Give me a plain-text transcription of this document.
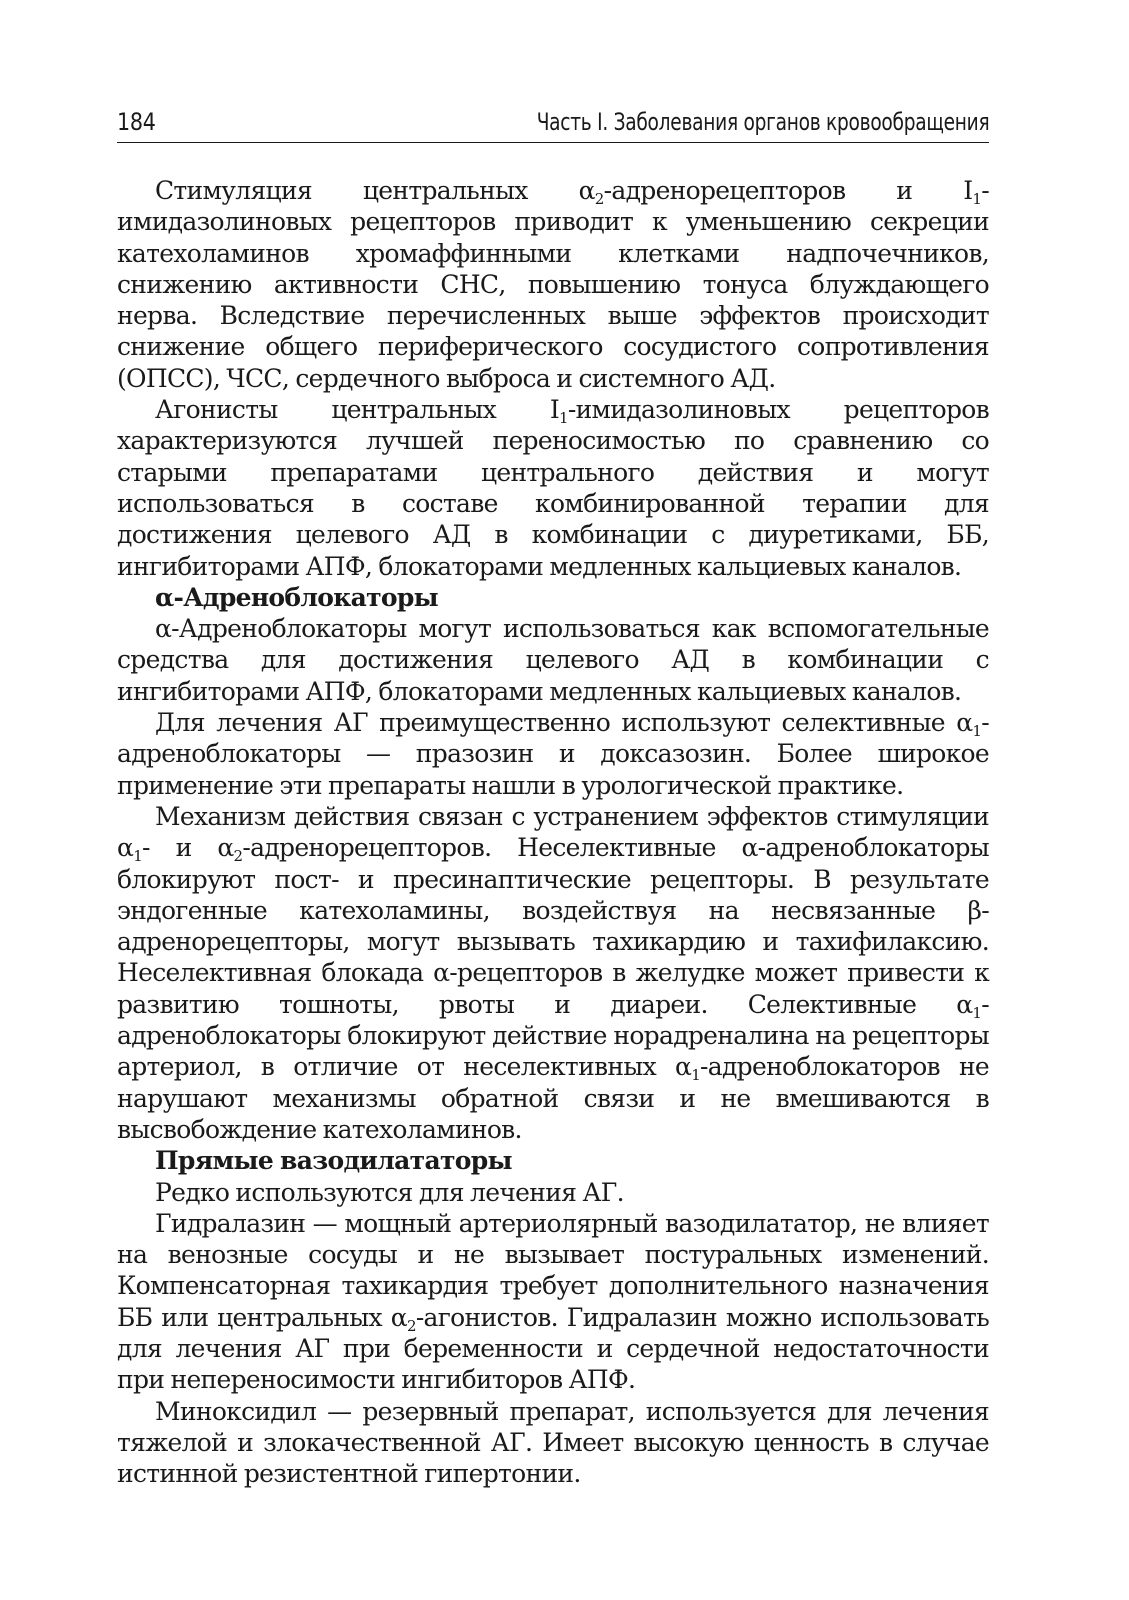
184	Часть I. Заболевания органов кровообращения

Стимуляция центральных $\alpha_2$-адренорецепторов и $I_1$-имидазолиновых рецепторов приводит к уменьшению секреции катехоламинов хромаффинными клетками надпочечников, снижению активности СНС, повышению тонуса блуждающего нерва. Вследствие перечисленных выше эффектов происходит снижение общего периферического сосудистого сопротивления (ОПСС), ЧСС, сердечного выброса и системного АД.

Агонисты центральных $I_1$-имидазолиновых рецепторов характеризуются лучшей переносимостью по сравнению со старыми препаратами центрального действия и могут использоваться в составе комбинированной терапии для достижения целевого АД в комбинации с диуретиками, ББ, ингибиторами АПФ, блокаторами медленных кальциевых каналов.

α-Адреноблокаторы

α-Адреноблокаторы могут использоваться как вспомогательные средства для достижения целевого АД в комбинации с ингибиторами АПФ, блокаторами медленных кальциевых каналов.

Для лечения АГ преимущественно используют селективные $\alpha_1$-адреноблокаторы — празозин и доксазозин. Более широкое применение эти препараты нашли в урологической практике.

Механизм действия связан с устранением эффектов стимуляции $\alpha_1-$ и $\alpha_2$-адренорецепторов. Неселективные α-адреноблокаторы блокируют пост- и пресинаптические рецепторы. В результате эндогенные катехоламины, воздействуя на несвязанные β-адренорецепторы, могут вызывать тахикардию и тахифилаксию. Неселективная блокада α-рецепторов в желудке может привести к развитию тошноты, рвоты и диареи. Селективные $\alpha_1$-адреноблокаторы блокируют действие норадреналина на рецепторы артериол, в отличие от неселективных $\alpha_1$-адреноблокаторов не нарушают механизмы обратной связи и не вмешиваются в высвобождение катехоламинов.

Прямые вазодилататоры

Редко используются для лечения АГ.

Гидралазин — мощный артериолярный вазодилататор, не влияет на венозные сосуды и не вызывает постуральных изменений. Компенсаторная тахикардия требует дополнительного назначения ББ или центральных $\alpha_2$-агонистов. Гидралазин можно использовать для лечения АГ при беременности и сердечной недостаточности при непереносимости ингибиторов АПФ.

Миноксидил — резервный препарат, используется для лечения тяжелой и злокачественной АГ. Имеет высокую ценность в случае истинной резистентной гипертонии.
